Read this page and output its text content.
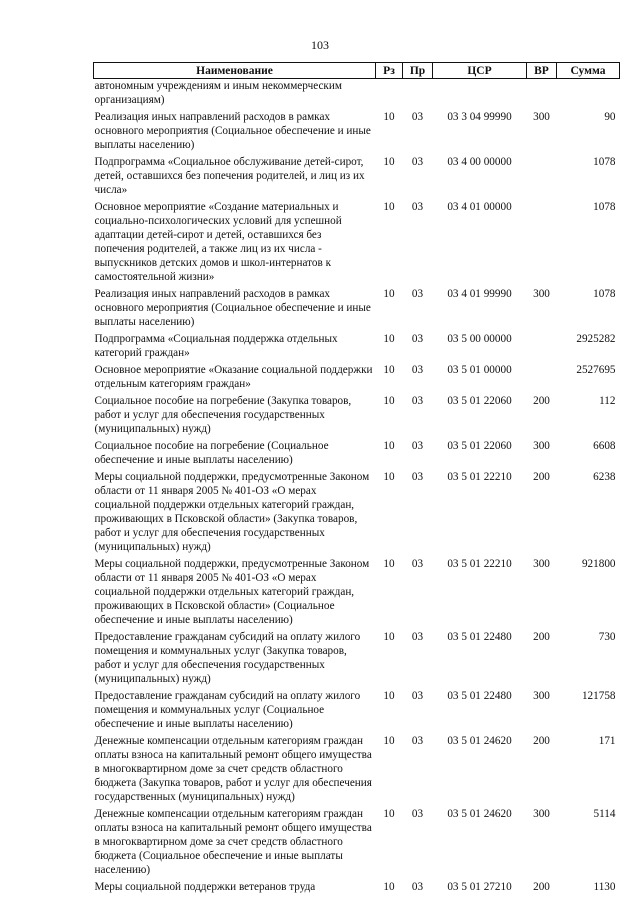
103
Наименование	Рз	Пр	ЦСР	ВР	Сумма
автономным учреждениям и иным некоммерческим организациям)					
Реализация иных направлений расходов в рамках основного мероприятия (Социальное обеспечение и иные выплаты населению)	10	03	03 3 04 99990	300	90
Подпрограмма «Социальное обслуживание детей-сирот, детей, оставшихся без попечения родителей, и лиц из их числа»	10	03	03 4 00 00000		1078
Основное мероприятие «Создание материальных и социально-психологических условий для успешной адаптации детей-сирот и детей, оставшихся без попечения родителей, а также лиц из их числа - выпускников детских домов и школ-интернатов к самостоятельной жизни»	10	03	03 4 01 00000		1078
Реализация иных направлений расходов в рамках основного мероприятия (Социальное обеспечение и иные выплаты населению)	10	03	03 4 01 99990	300	1078
Подпрограмма «Социальная поддержка отдельных категорий граждан»	10	03	03 5 00 00000		2925282
Основное мероприятие «Оказание социальной поддержки отдельным категориям граждан»	10	03	03 5 01 00000		2527695
Социальное пособие на погребение (Закупка товаров, работ и услуг для обеспечения государственных (муниципальных) нужд)	10	03	03 5 01 22060	200	112
Социальное пособие на погребение (Социальное обеспечение и иные выплаты населению)	10	03	03 5 01 22060	300	6608
Меры социальной поддержки, предусмотренные Законом области от 11 января 2005 № 401-ОЗ «О мерах социальной поддержки отдельных категорий граждан, проживающих в Псковской области» (Закупка товаров, работ и услуг для обеспечения государственных (муниципальных) нужд)	10	03	03 5 01 22210	200	6238
Меры социальной поддержки, предусмотренные Законом области от 11 января 2005 № 401-ОЗ «О мерах социальной поддержки отдельных категорий граждан, проживающих в Псковской области» (Социальное обеспечение и иные выплаты населению)	10	03	03 5 01 22210	300	921800
Предоставление гражданам субсидий на оплату жилого помещения и коммунальных услуг (Закупка товаров, работ и услуг для обеспечения государственных (муниципальных) нужд)	10	03	03 5 01 22480	200	730
Предоставление гражданам субсидий на оплату жилого помещения и коммунальных услуг (Социальное обеспечение и иные выплаты населению)	10	03	03 5 01 22480	300	121758
Денежные компенсации отдельным категориям граждан оплаты взноса на капитальный ремонт общего имущества в многоквартирном доме за счет средств областного бюджета (Закупка товаров, работ и услуг для обеспечения государственных (муниципальных) нужд)	10	03	03 5 01 24620	200	171
Денежные компенсации отдельным категориям граждан оплаты взноса на капитальный ремонт общего имущества в многоквартирном доме за счет средств областного бюджета (Социальное обеспечение и иные выплаты населению)	10	03	03 5 01 24620	300	5114
Меры социальной поддержки ветеранов труда	10	03	03 5 01 27210	200	1130
